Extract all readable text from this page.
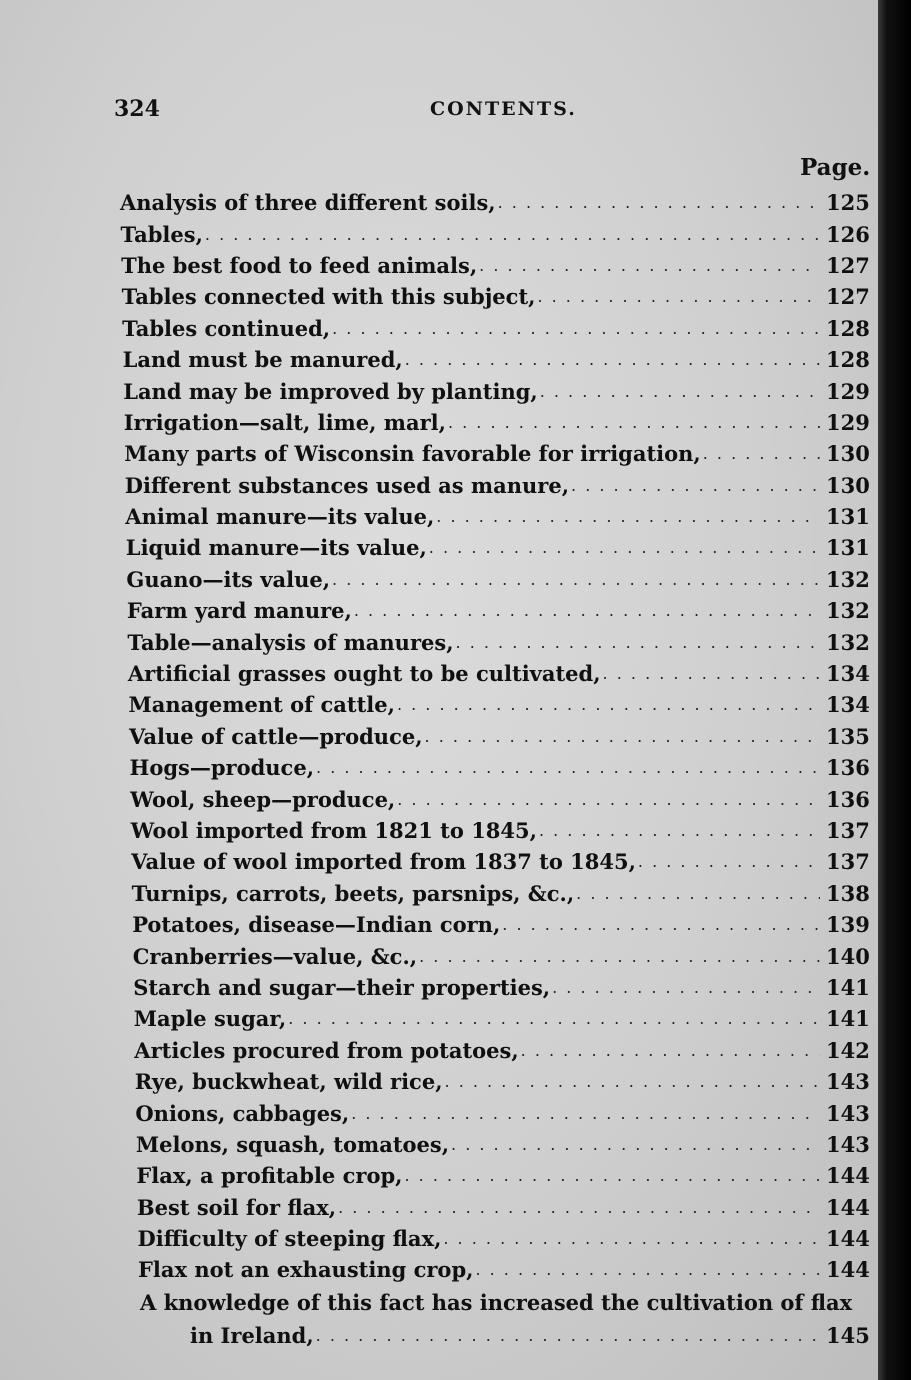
324	CONTENTS.
Page.
Analysis of three different soils, . . .	125
Tables, . . .	126
The best food to feed animals, . . .	127
Tables connected with this subject, . . .	127
Tables continued, . . .	128
Land must be manured, . . .	128
Land may be improved by planting, . . .	129
Irrigation—salt, lime, marl, . . .	129
Many parts of Wisconsin favorable for irrigation, . . .	130
Different substances used as manure, . . .	130
Animal manure—its value, . . .	131
Liquid manure—its value, . . .	131
Guano—its value, . . .	132
Farm yard manure, . . .	132
Table—analysis of manures, . . .	132
Artificial grasses ought to be cultivated, . . .	134
Management of cattle, . . .	134
Value of cattle—produce, . . .	135
Hogs—produce, . . .	136
Wool, sheep—produce, . . .	136
Wool imported from 1821 to 1845, . . .	137
Value of wool imported from 1837 to 1845, . . .	137
Turnips, carrots, beets, parsnips, &c., . . .	138
Potatoes, disease—Indian corn, . . .	139
Cranberries—value, &c., . . .	140
Starch and sugar—their properties, . . .	141
Maple sugar, . . .	141
Articles procured from potatoes, . . .	142
Rye, buckwheat, wild rice, . . .	143
Onions, cabbages, . . .	143
Melons, squash, tomatoes, . . .	143
Flax, a profitable crop, . . .	144
Best soil for flax, . . .	144
Difficulty of steeping flax, . . .	144
Flax not an exhausting crop, . . .	144
A knowledge of this fact has increased the cultivation of flax
in Ireland, . . .	145
